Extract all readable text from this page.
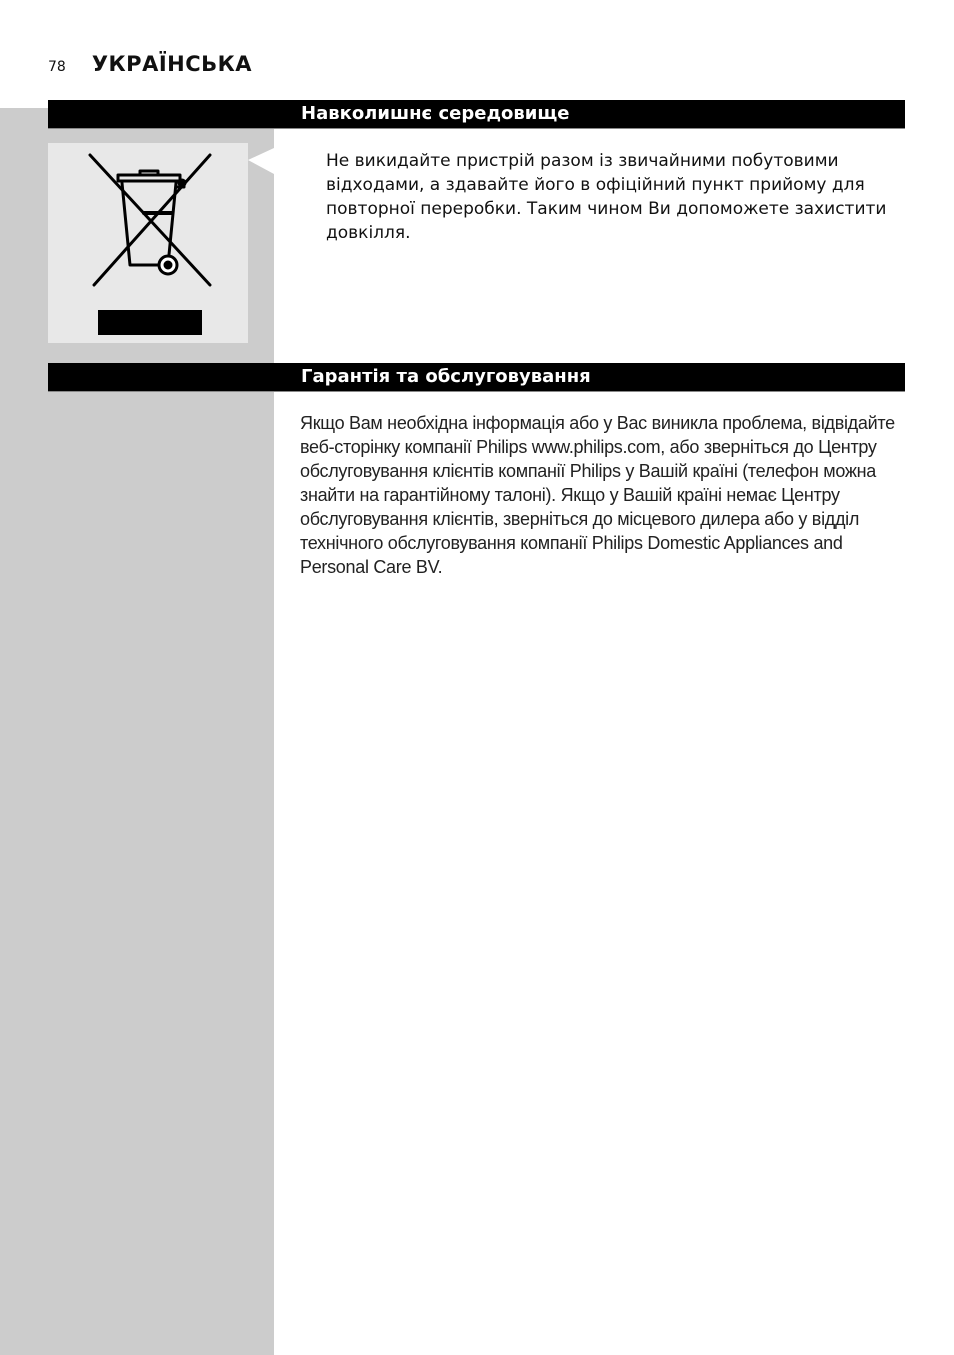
78 УКРАЇНСЬКА
Навколишнє середовище
Не викидайте пристрій разом із звичайними побутовими відходами, а здавайте його в офіційний пункт прийому для повторної переробки. Таким чином Ви допоможете захистити довкілля.
Гарантія та обслуговування
Якщо Вам необхідна інформація або у Вас виникла проблема, відвідайте веб-сторінку компанії Philips www.philips.com, або зверніться до Центру обслуговування клієнтів компанії Philips у Вашій країні (телефон можна знайти на гарантійному талоні). Якщо у Вашій країні немає Центру обслуговування клієнтів, зверніться до місцевого дилера або у відділ технічного обслуговування компанії Philips Domestic Appliances and Personal Care BV.
